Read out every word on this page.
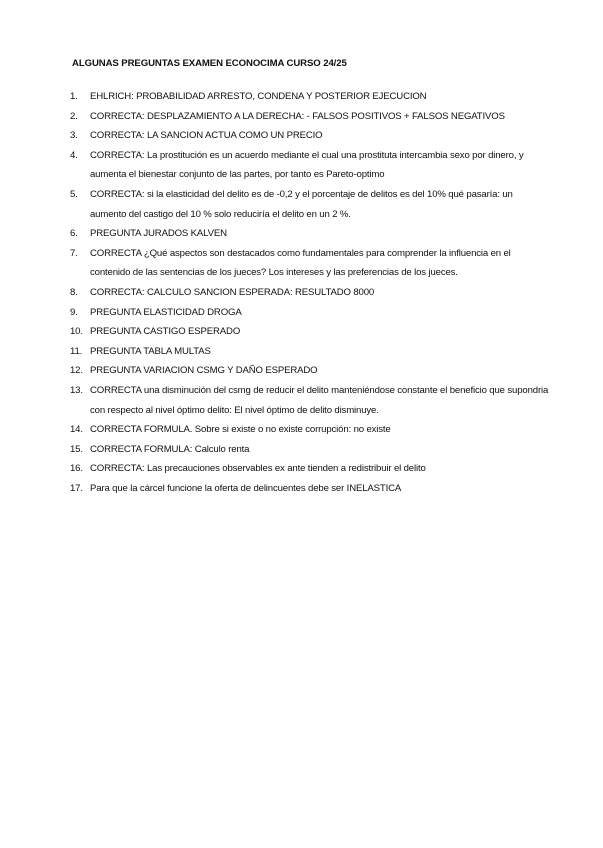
ALGUNAS PREGUNTAS EXAMEN ECONOCIMA CURSO 24/25
1. EHLRICH: PROBABILIDAD ARRESTO, CONDENA Y POSTERIOR EJECUCION
2. CORRECTA: DESPLAZAMIENTO A LA DERECHA: - FALSOS POSITIVOS + FALSOS NEGATIVOS
3. CORRECTA: LA SANCION ACTUA COMO UN PRECIO
4. CORRECTA: La prostitución es un acuerdo mediante el cual una prostituta intercambia sexo por dinero, y aumenta el bienestar conjunto de las partes, por tanto es Pareto-optimo
5. CORRECTA: si la elasticidad del delito es de -0,2 y el porcentaje de delitos es del 10% qué pasaría: un aumento del castigo del 10 % solo reduciría el delito en un 2 %.
6. PREGUNTA JURADOS KALVEN
7. CORRECTA ¿Qué aspectos son destacados como fundamentales para comprender la influencia en el contenido de las sentencias de los jueces? Los intereses y las preferencias de los jueces.
8. CORRECTA: CALCULO SANCION ESPERADA: RESULTADO 8000
9. PREGUNTA ELASTICIDAD DROGA
10. PREGUNTA CASTIGO ESPERADO
11. PREGUNTA TABLA MULTAS
12. PREGUNTA VARIACION CSMG Y DAÑO ESPERADO
13. CORRECTA una disminución del csmg de reducir el delito manteniéndose constante el beneficio que supondria con respecto al nivel óptimo delito: El nivel óptimo de delito disminuye.
14. CORRECTA FORMULA. Sobre si existe o no existe corrupción: no existe
15. CORRECTA FORMULA: Calculo renta
16. CORRECTA: Las precauciones observables ex ante tienden a redistribuir el delito
17. Para que la cárcel funcione la oferta de delincuentes debe ser INELASTICA
